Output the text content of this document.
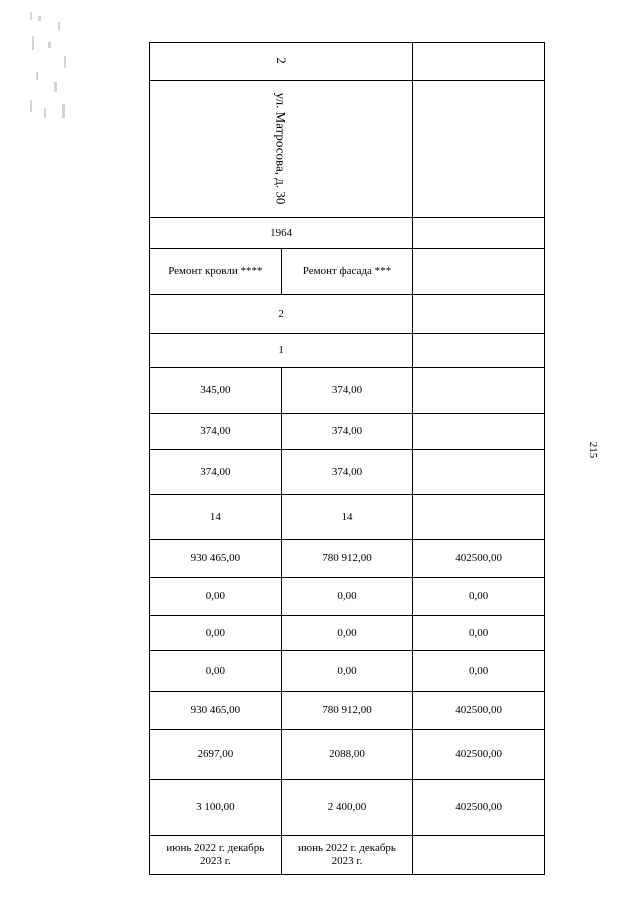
215
2		
ул. Матросова, д. 30		
1964		
Ремонт кровли ****	Ремонт фасада ***	
2		
1		
345,00	374,00	
374,00	374,00	
374,00	374,00	
14	14	
930 465,00	780 912,00	402500,00
0,00	0,00	0,00
0,00	0,00	0,00
0,00	0,00	0,00
930 465,00	780 912,00	402500,00
2697,00	2088,00	402500,00
3 100,00	2 400,00	402500,00

июнь 2022 г. декабрь 2023 г.	июнь 2022 г. декабрь 2023 г.	
